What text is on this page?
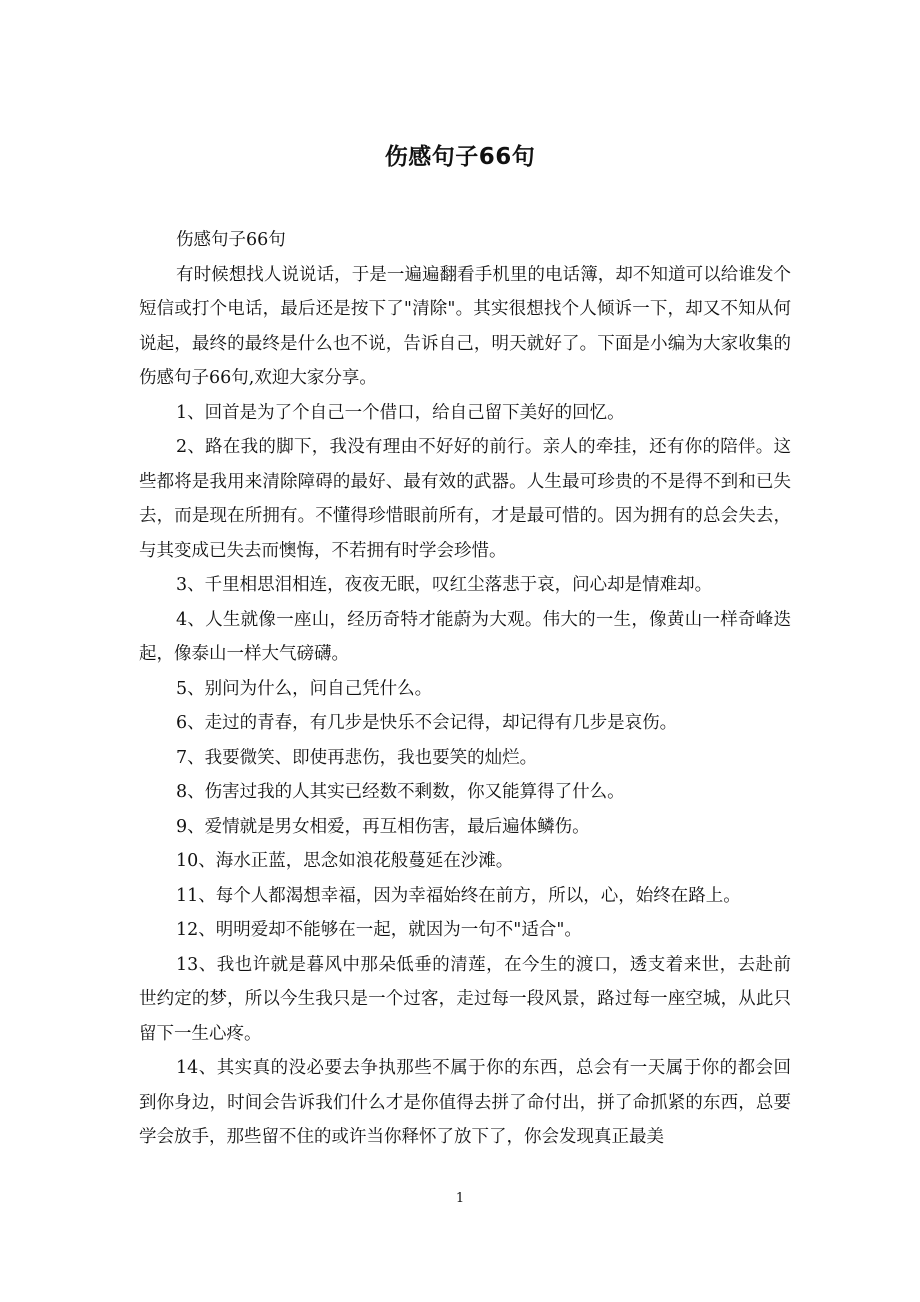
伤感句子66句

伤感句子66句

有时候想找人说说话，于是一遍遍翻看手机里的电话簿，却不知道可以给谁发个短信或打个电话，最后还是按下了"清除"。其实很想找个人倾诉一下，却又不知从何说起，最终的最终是什么也不说，告诉自己，明天就好了。下面是小编为大家收集的伤感句子66句,欢迎大家分享。

1、回首是为了个自己一个借口，给自己留下美好的回忆。

2、路在我的脚下，我没有理由不好好的前行。亲人的牵挂，还有你的陪伴。这些都将是我用来清除障碍的最好、最有效的武器。人生最可珍贵的不是得不到和已失去，而是现在所拥有。不懂得珍惜眼前所有，才是最可惜的。因为拥有的总会失去，与其变成已失去而懊悔，不若拥有时学会珍惜。

3、千里相思泪相连，夜夜无眠，叹红尘落悲于哀，问心却是情难却。

4、人生就像一座山，经历奇特才能蔚为大观。伟大的一生，像黄山一样奇峰迭起，像泰山一样大气磅礴。

5、别问为什么，问自己凭什么。

6、走过的青春，有几步是快乐不会记得，却记得有几步是哀伤。

7、我要微笑、即使再悲伤，我也要笑的灿烂。

8、伤害过我的人其实已经数不剩数，你又能算得了什么。

9、爱情就是男女相爱，再互相伤害，最后遍体鳞伤。

10、海水正蓝，思念如浪花般蔓延在沙滩。

11、每个人都渴想幸福，因为幸福始终在前方，所以，心，始终在路上。

12、明明爱却不能够在一起，就因为一句不"适合"。

13、我也许就是暮风中那朵低垂的清莲，在今生的渡口，透支着来世，去赴前世约定的梦，所以今生我只是一个过客，走过每一段风景，路过每一座空城，从此只留下一生心疼。

14、其实真的没必要去争执那些不属于你的东西，总会有一天属于你的都会回到你身边，时间会告诉我们什么才是你值得去拼了命付出，拼了命抓紧的东西，总要学会放手，那些留不住的或许当你释怀了放下了，你会发现真正最美

1
